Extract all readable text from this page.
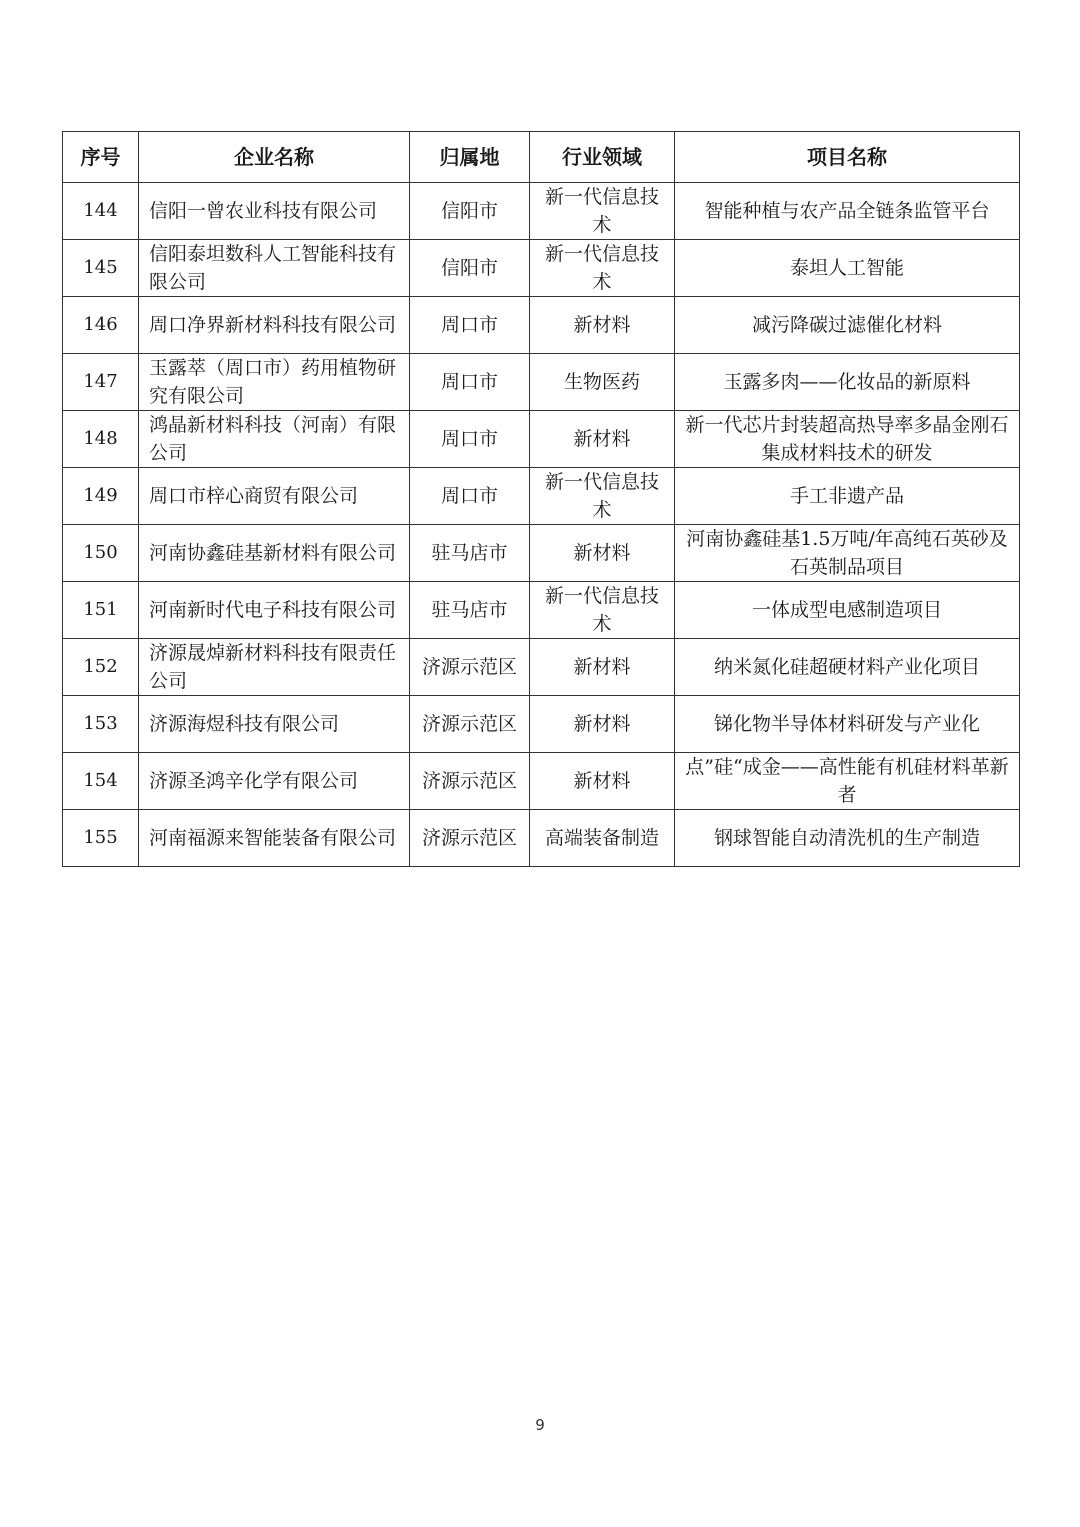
序号	企业名称	归属地	行业领域	项目名称
144	信阳一曾农业科技有限公司	信阳市	新一代信息技术	智能种植与农产品全链条监管平台
145	信阳泰坦数科人工智能科技有限公司	信阳市	新一代信息技术	泰坦人工智能
146	周口净界新材料科技有限公司	周口市	新材料	减污降碳过滤催化材料
147	玉露萃（周口市）药用植物研究有限公司	周口市	生物医药	玉露多肉——化妆品的新原料
148	鸿晶新材料科技（河南）有限公司	周口市	新材料	新一代芯片封装超高热导率多晶金刚石集成材料技术的研发
149	周口市梓心商贸有限公司	周口市	新一代信息技术	手工非遗产品
150	河南协鑫硅基新材料有限公司	驻马店市	新材料	河南协鑫硅基1.5万吨/年高纯石英砂及石英制品项目
151	河南新时代电子科技有限公司	驻马店市	新一代信息技术	一体成型电感制造项目
152	济源晟焯新材料科技有限责任公司	济源示范区	新材料	纳米氮化硅超硬材料产业化项目
153	济源海煜科技有限公司	济源示范区	新材料	锑化物半导体材料研发与产业化
154	济源圣鸿辛化学有限公司	济源示范区	新材料	点”硅“成金——高性能有机硅材料革新者
155	河南福源来智能装备有限公司	济源示范区	高端装备制造	钢球智能自动清洗机的生产制造
9
